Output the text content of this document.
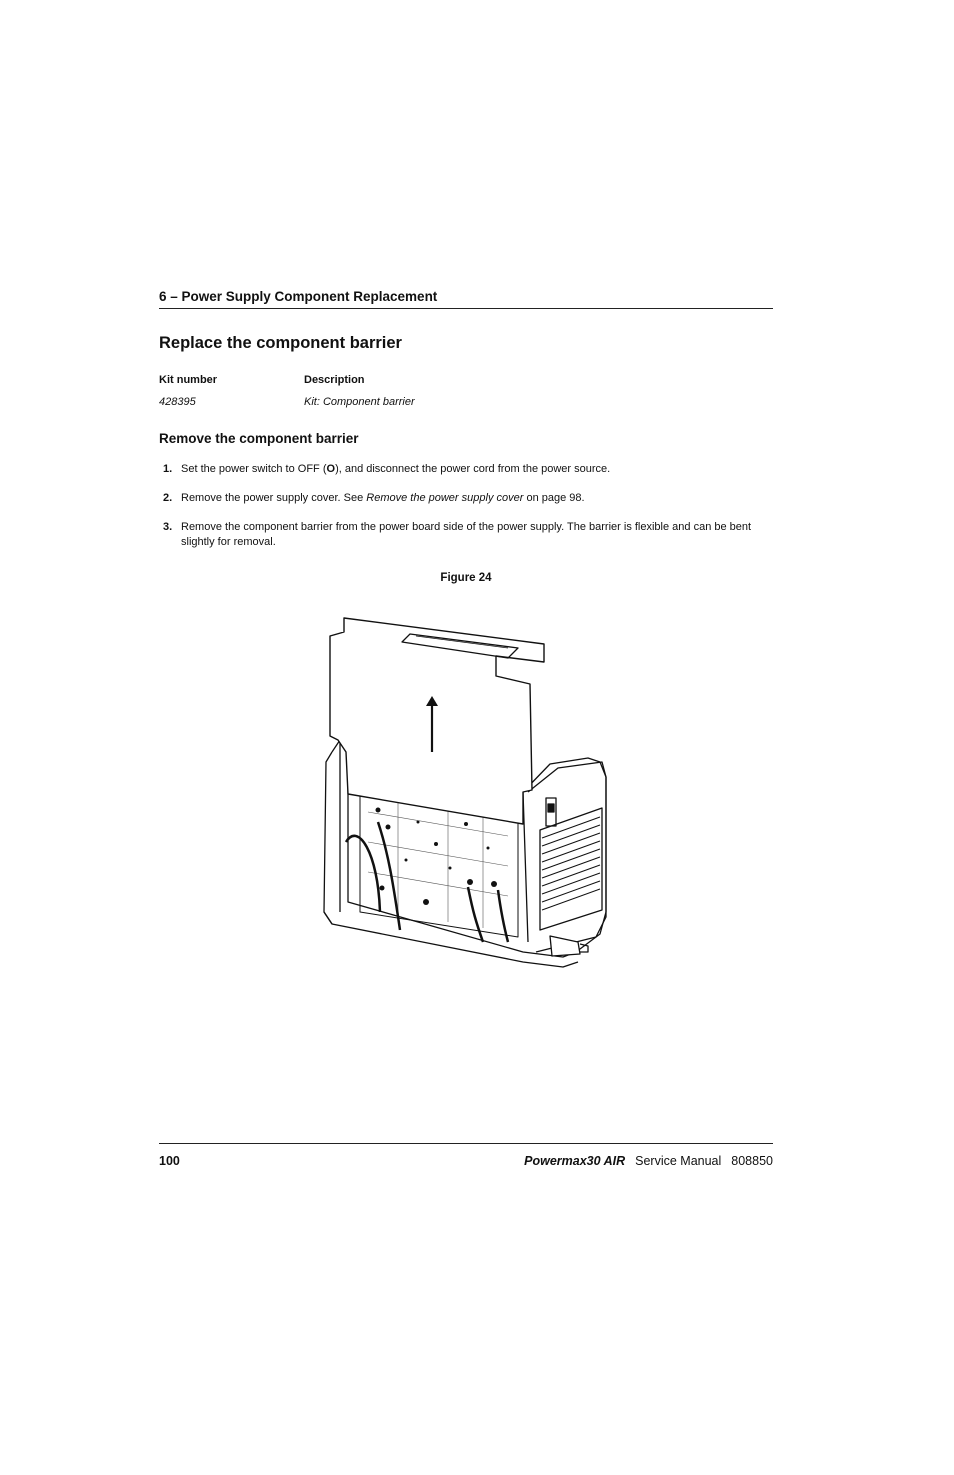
6 – Power Supply Component Replacement
Replace the component barrier
Kit number	Description
428395	Kit: Component barrier
Remove the component barrier
1. Set the power switch to OFF (O), and disconnect the power cord from the power source.
2. Remove the power supply cover. See Remove the power supply cover on page 98.
3. Remove the component barrier from the power board side of the power supply. The barrier is flexible and can be bent slightly for removal.
Figure 24
100	Powermax30 AIR Service Manual 808850
